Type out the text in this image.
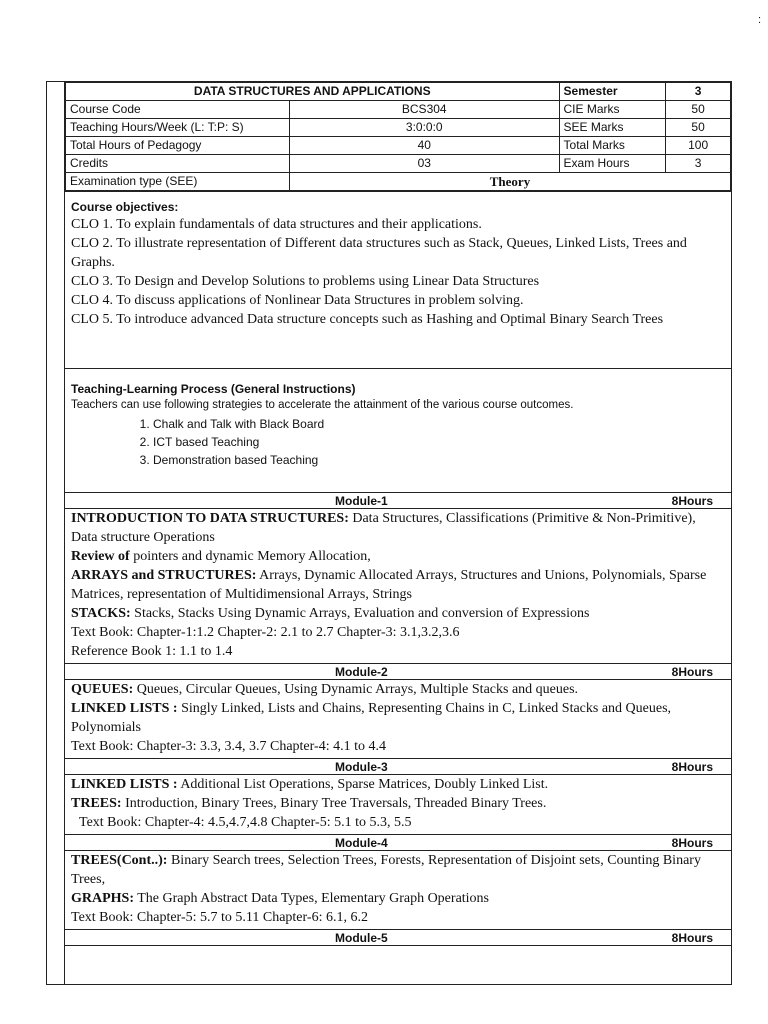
:
DATA STRUCTURES AND APPLICATIONS		Semester	3
Course Code	BCS304	CIE Marks	50
Teaching Hours/Week (L: T:P: S)	3:0:0:0	SEE Marks	50
Total Hours of Pedagogy	40	Total Marks	100
Credits	03	Exam Hours	3
Examination type (SEE)	Theory		
Course objectives:
CLO 1. To explain fundamentals of data structures and their applications.
CLO 2. To illustrate representation of Different data structures such as Stack, Queues, Linked Lists, Trees and Graphs.
CLO 3. To Design and Develop Solutions to problems using Linear Data Structures
CLO 4. To discuss applications of Nonlinear Data Structures in problem solving.
CLO 5. To introduce advanced Data structure concepts such as Hashing and Optimal Binary Search Trees
Teaching-Learning Process (General Instructions)
Teachers can use following strategies to accelerate the attainment of the various course outcomes.
1. Chalk and Talk with Black Board
2. ICT based Teaching
3. Demonstration based Teaching
Module-1	8Hours
INTRODUCTION TO DATA STRUCTURES: Data Structures, Classifications (Primitive & Non-Primitive), Data structure Operations
Review of pointers and dynamic Memory Allocation,
ARRAYS and STRUCTURES: Arrays, Dynamic Allocated Arrays, Structures and Unions, Polynomials, Sparse Matrices, representation of Multidimensional Arrays, Strings
STACKS: Stacks, Stacks Using Dynamic Arrays, Evaluation and conversion of Expressions
Text Book: Chapter-1:1.2 Chapter-2: 2.1 to 2.7 Chapter-3: 3.1,3.2,3.6
Reference Book 1: 1.1 to 1.4
Module-2	8Hours
QUEUES: Queues, Circular Queues, Using Dynamic Arrays, Multiple Stacks and queues.
LINKED LISTS : Singly Linked, Lists and Chains, Representing Chains in C, Linked Stacks and Queues, Polynomials
Text Book: Chapter-3: 3.3, 3.4, 3.7 Chapter-4: 4.1 to 4.4
Module-3	8Hours
LINKED LISTS : Additional List Operations, Sparse Matrices, Doubly Linked List.
TREES: Introduction, Binary Trees, Binary Tree Traversals, Threaded Binary Trees.
Text Book: Chapter-4: 4.5,4.7,4.8 Chapter-5: 5.1 to 5.3, 5.5
Module-4	8Hours
TREES(Cont..): Binary Search trees, Selection Trees, Forests, Representation of Disjoint sets, Counting Binary Trees,
GRAPHS: The Graph Abstract Data Types, Elementary Graph Operations
Text Book: Chapter-5: 5.7 to 5.11 Chapter-6: 6.1, 6.2
Module-5	8Hours
